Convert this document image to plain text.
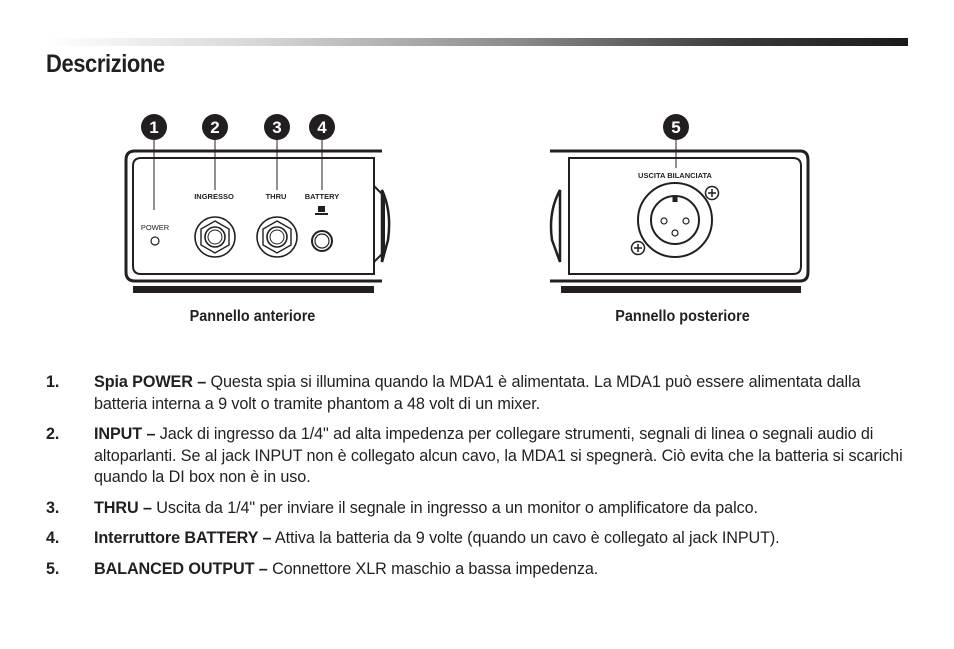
Descrizione
1
POWER
2
INGRESSO
3
THRU
4
BATTERY
5
USCITA BILANCIATA
Pannello anteriore	Pannello posteriore
1. Spia POWER – Questa spia si illumina quando la MDA1 è alimentata. La MDA1 può essere alimentata dalla batteria interna a 9 volt o tramite phantom a 48 volt di un mixer.
2. INPUT – Jack di ingresso da 1/4" ad alta impedenza per collegare strumenti, segnali di linea o segnali audio di altoparlanti. Se al jack INPUT non è collegato alcun cavo, la MDA1 si spegnerà. Ciò evita che la batteria si scarichi quando la DI box non è in uso.
3. THRU – Uscita da 1/4" per inviare il segnale in ingresso a un monitor o amplificatore da palco.
4. Interruttore BATTERY – Attiva la batteria da 9 volte (quando un cavo è collegato al jack INPUT).
5. BALANCED OUTPUT – Connettore XLR maschio a bassa impedenza.
